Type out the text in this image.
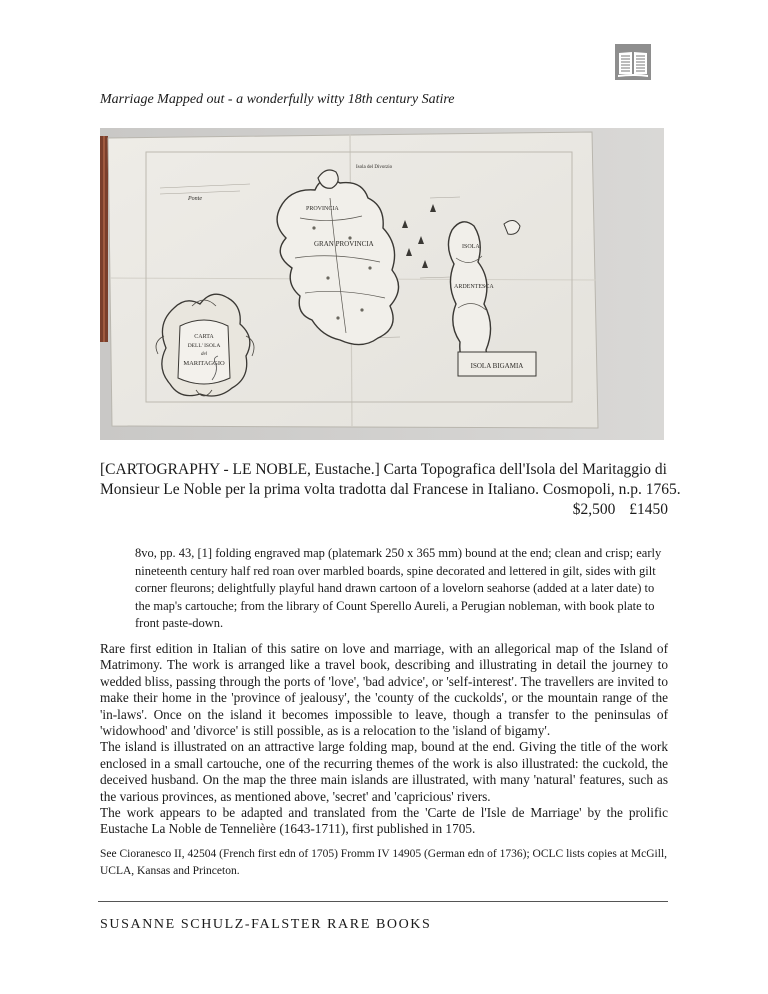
Marriage Mapped out - a wonderfully witty 18th century Satire
ISOLA BIGAMIA
PROVINCIA
GRAN PROVINCIA	ISOLA
ARDENTESCA
Ponte
Isola del Divorzio
CARTA
DELL' ISOLA
del
MARITAGGIO
[CARTOGRAPHY - LE NOBLE, Eustache.] Carta Topografica dell'Isola del Maritaggio di
Monsieur Le Noble per la prima volta tradotta dal Francese in Italiano. Cosmopoli, n.p. 1765.
$2,500 £1450
8vo, pp. 43, [1] folding engraved map (platemark 250 x 365 mm) bound at the end; clean and crisp; early nineteenth century half red roan over marbled boards, spine decorated and lettered in gilt, sides with gilt corner fleurons; delightfully playful hand drawn cartoon of a lovelorn seahorse (added at a later date) to the map's cartouche; from the library of Count Sperello Aureli, a Perugian nobleman, with book plate to front paste-down.

Rare first edition in Italian of this satire on love and marriage, with an allegorical map of the Island of Matrimony. The work is arranged like a travel book, describing and illustrating in detail the journey to wedded bliss, passing through the ports of 'love', 'bad advice', or 'self-interest'. The travellers are invited to make their home in the 'province of jealousy', the 'county of the cuckolds', or the mountain range of the 'in-laws'. Once on the island it becomes impossible to leave, though a transfer to the peninsulas of 'widowhood' and 'divorce' is still possible, as is a relocation to the 'island of bigamy'.

The island is illustrated on an attractive large folding map, bound at the end. Giving the title of the work enclosed in a small cartouche, one of the recurring themes of the work is also illustrated: the cuckold, the deceived husband. On the map the three main islands are illustrated, with many 'natural' features, such as the various provinces, as mentioned above, 'secret' and 'capricious' rivers.

The work appears to be adapted and translated from the 'Carte de l'Isle de Marriage' by the prolific Eustache La Noble de Tennelière (1643-1711), first published in 1705.

See Cioranesco II, 42504 (French first edn of 1705) Fromm IV 14905 (German edn of 1736); OCLC lists copies at McGill, UCLA, Kansas and Princeton.
SUSANNE SCHULZ-FALSTER RARE BOOKS
